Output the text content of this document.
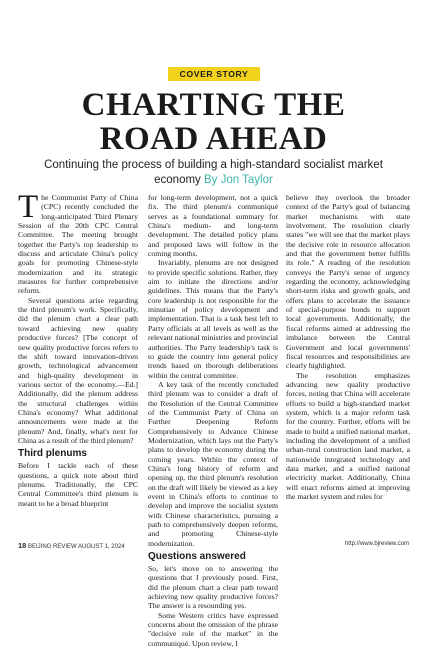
COVER STORY
CHARTING THE
ROAD AHEAD
Continuing the process of building a high-standard socialist market economy By Jon Taylor

The Communist Party of China (CPC) recently concluded the long-anticipated Third Plenary Session of the 20th CPC Central Committee. The meeting brought together the Party's top leadership to discuss and articulate China's policy goals for promoting Chinese-style modernization and its strategic measures for further comprehensive reform.

Several questions arise regarding the third plenum's work. Specifically, did the plenum chart a clear path toward achieving new quality productive forces? [The concept of new quality productive forces refers to the shift toward innovation-driven growth, technological advancement and high-quality development in various sector of the economy.—Ed.] Additionally, did the plenum address the structural challenges within China's economy? What additional announcements were made at the plenum? And, finally, what's next for China as a result of the third plenum?

Third plenums

Before I tackle each of these questions, a quick note about third plenums. Traditionally, the CPC Central Committee's third plenum is meant to be a broad blueprint

for long-term development, not a quick fix. The third plenum's communiqué serves as a foundational summary for China's medium- and long-term development. The detailed policy plans and proposed laws will follow in the coming months.

Invariably, plenums are not designed to provide specific solutions. Rather, they aim to initiate the directions and/or guidelines. This means that the Party's core leadership is not responsible for the minutiae of policy development and implementation. That is a task best left to Party officials at all levels as well as the relevant national ministries and provincial authorities. The Party leadership's task is to guide the country into general policy trends based on thorough deliberations within the central committee.

A key task of the recently concluded third plenum was to consider a draft of the Resolution of the Central Committee of the Communist Party of China on Further Deepening Reform Comprehensively to Advance Chinese Modernization, which lays out the Party's plans to develop the economy during the coming years. Within the context of China's long history of reform and opening up, the third plenum's resolution on the draft will likely be viewed as a key event in China's efforts to continue to develop and improve the socialist system with Chinese characteristics, pursuing a path to comprehensively deepen reforms, and promoting Chinese-style modernization.

Questions answered

So, let's move on to answering the questions that I previously posed. First, did the plenum chart a clear path toward achieving new quality productive forces? The answer is a resounding yes.

Some Western critics have expressed concerns about the omission of the phrase "decisive role of the market" in the communiqué. Upon review, I

believe they overlook the broader context of the Party's goal of balancing market mechanisms with state involvement. The resolution clearly states "we will see that the market plays the decisive role in resource allocation and that the government better fulfills its role." A reading of the resolution conveys the Party's sense of urgency regarding the economy, acknowledging short-term risks and growth goals, and offers plans to accelerate the issuance of special-purpose bonds to support local governments. Additionally, the fiscal reforms aimed at addressing the imbalance between the Central Government and local governments' fiscal resources and responsibilities are clearly highlighted.

The resolution emphasizes advancing new quality productive forces, noting that China will accelerate efforts to build a high-standard market system, which is a major reform task for the country. Further, efforts will be made to build a unified national market, including the development of a unified urban-rural construction land market, a nationwide integrated technology and data market, and a unified national electricity market. Additionally, China will enact reforms aimed at improving the market system and rules for

18 BEIJING REVIEW AUGUST 1, 2024	http://www.bjreview.com
